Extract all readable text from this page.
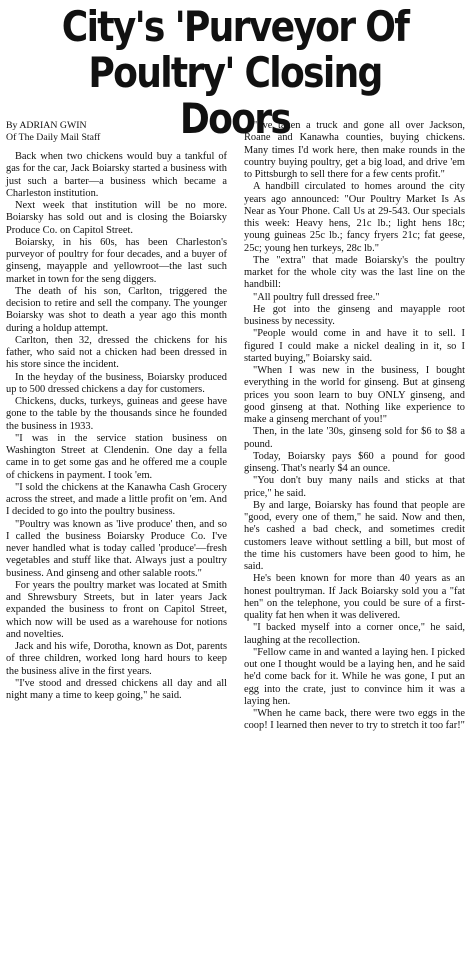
City's 'Purveyor Of
Poultry' Closing Doors
By ADRIAN GWIN
Of The Daily Mail Staff

Back when two chickens would buy a tankful of gas for the car, Jack Boiarsky started a business with just such a barter—a business which became a Charleston institution.

Next week that institution will be no more. Boiarsky has sold out and is closing the Boiarsky Produce Co. on Capitol Street.

Boiarsky, in his 60s, has been Charleston's purveyor of poultry for four decades, and a buyer of ginseng, mayapple and yellowroot—the last such market in town for the seng diggers.

The death of his son, Carlton, triggered the decision to retire and sell the company. The younger Boiarsky was shot to death a year ago this month during a holdup attempt.

Carlton, then 32, dressed the chickens for his father, who said not a chicken had been dressed in his store since the incident.

In the heyday of the business, Boiarsky produced up to 500 dressed chickens a day for customers.

Chickens, ducks, turkeys, guineas and geese have gone to the table by the thousands since he founded the business in 1933.

"I was in the service station business on Washington Street at Clendenin. One day a fella came in to get some gas and he offered me a couple of chickens in payment. I took 'em.

"I sold the chickens at the Kanawha Cash Grocery across the street, and made a little profit on 'em. And I decided to go into the poultry business.

"Poultry was known as 'live produce' then, and so I called the business Boiarsky Produce Co. I've never handled what is today called 'produce'—fresh vegetables and stuff like that. Always just a poultry business. And ginseng and other salable roots."

For years the poultry market was located at Smith and Shrewsbury Streets, but in later years Jack expanded the business to front on Capitol Street, which now will be used as a warehouse for notions and novelties.

Jack and his wife, Dorotha, known as Dot, parents of three children, worked long hard hours to keep the business alive in the first years.

"I've stood and dressed chickens all day and all night many a time to keep going," he said.

"I've taken a truck and gone all over Jackson, Roane and Kanawha counties, buying chickens. Many times I'd work here, then make rounds in the country buying poultry, get a big load, and drive 'em to Pittsburgh to sell there for a few cents profit."

A handbill circulated to homes around the city years ago announced: "Our Poultry Market Is As Near as Your Phone. Call Us at 29-543. Our specials this week: Heavy hens, 21c lb.; light hens 18c; young guineas 25c lb.; fancy fryers 21c; fat geese, 25c; young hen turkeys, 28c lb."

The "extra" that made Boiarsky's the poultry market for the whole city was the last line on the handbill:

"All poultry full dressed free."

He got into the ginseng and mayapple root business by necessity.

"People would come in and have it to sell. I figured I could make a nickel dealing in it, so I started buying," Boiarsky said.

"When I was new in the business, I bought everything in the world for ginseng. But at ginseng prices you soon learn to buy ONLY ginseng, and good ginseng at that. Nothing like experience to make a ginseng merchant of you!"

Then, in the late '30s, ginseng sold for $6 to $8 a pound.

Today, Boiarsky pays $60 a pound for good ginseng. That's nearly $4 an ounce.

"You don't buy many nails and sticks at that price," he said.

By and large, Boiarsky has found that people are "good, every one of them," he said. Now and then, he's cashed a bad check, and sometimes credit customers leave without settling a bill, but most of the time his customers have been good to him, he said.

He's been known for more than 40 years as an honest poultryman. If Jack Boiarsky sold you a "fat hen" on the telephone, you could be sure of a first-quality fat hen when it was delivered.

"I backed myself into a corner once," he said, laughing at the recollection.

"Fellow came in and wanted a laying hen. I picked out one I thought would be a laying hen, and he said he'd come back for it. While he was gone, I put an egg into the crate, just to convince him it was a laying hen.

"When he came back, there were two eggs in the coop! I learned then never to try to stretch it too far!"
